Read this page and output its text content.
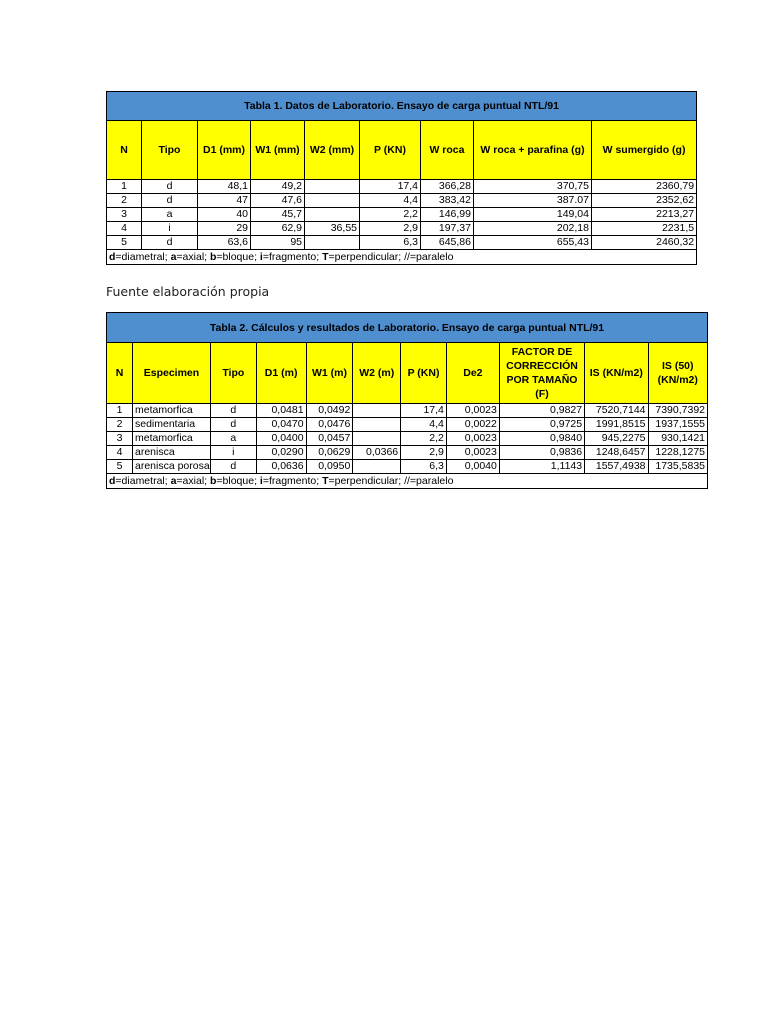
Tabla 1. Datos de Laboratorio. Ensayo de carga puntual NTL/91								
N	Tipo	D1 (mm)	W1 (mm)	W2 (mm)	P (KN)	W roca	W roca + parafina (g)	W sumergido (g)
1	d	48,1	49,2		17,4	366,28	370,75	2360,79
2	d	47	47,6		4,4	383,42	387.07	2352,62
3	a	40	45,7		2,2	146,99	149,04	2213,27
4	i	29	62,9	36,55	2,9	197,37	202,18	2231,5
5	d	63,6	95		6,3	645,86	655,43	2460,32
d=diametral; a=axial; b=bloque; i=fragmento; T=perpendicular; //=paralelo								
Fuente elaboración propia
Tabla 2. Cálculos y resultados de Laboratorio. Ensayo de carga puntual NTL/91										
N	Especimen	Tipo	D1 (m)	W1 (m)	W2 (m)	P (KN)	De2	FACTOR DE CORRECCIÓN POR TAMAÑO (F)	IS (KN/m2)	IS (50) (KN/m2)
1	metamorfica	d	0,0481	0,0492		17,4	0,0023	0,9827	7520,7144	7390,7392
2	sedimentaria	d	0,0470	0,0476		4,4	0,0022	0,9725	1991,8515	1937,1555
3	metamorfica	a	0,0400	0,0457		2,2	0,0023	0,9840	945,2275	930,1421
4	arenisca	i	0,0290	0,0629	0,0366	2,9	0,0023	0,9836	1248,6457	1228,1275
5	arenisca porosa	d	0,0636	0,0950		6,3	0,0040	1,1143	1557,4938	1735,5835
d=diametral; a=axial; b=bloque; i=fragmento; T=perpendicular; //=paralelo										
